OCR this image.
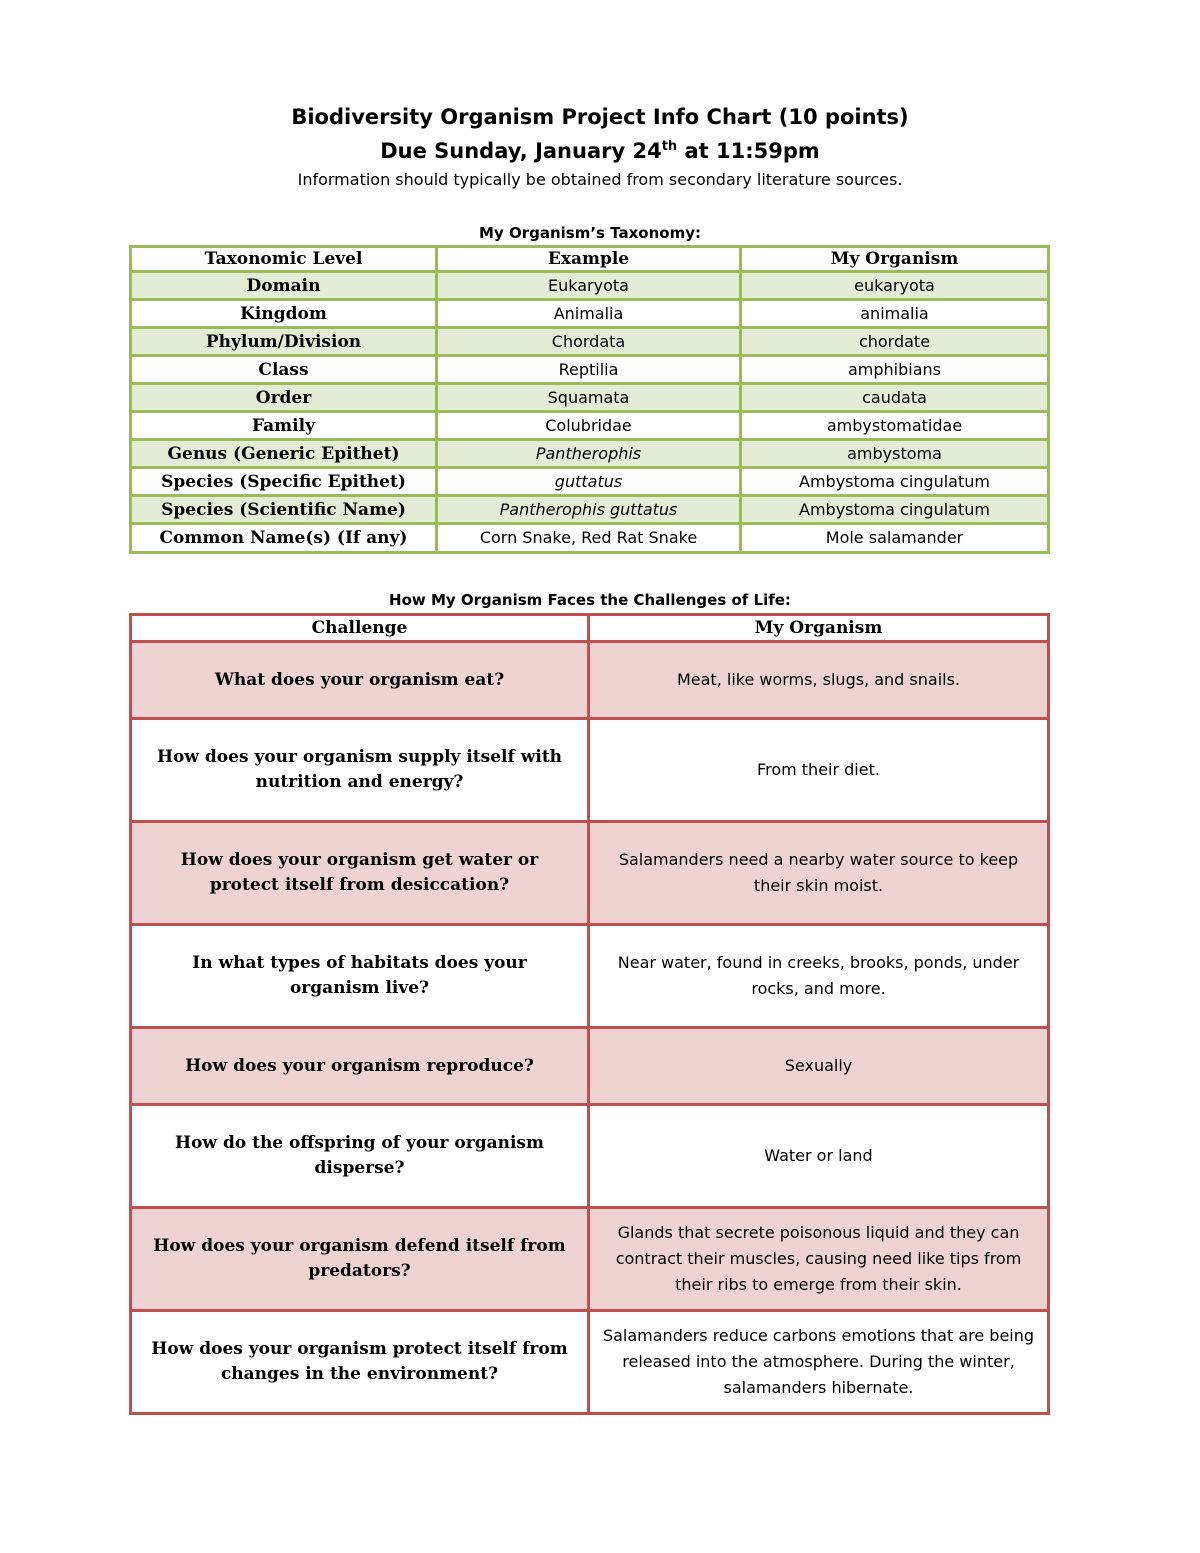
Biodiversity Organism Project Info Chart (10 points)
Due Sunday, January 24th at 11:59pm
Information should typically be obtained from secondary literature sources.
My Organism’s Taxonomy:
Taxonomic Level	Example	My Organism
Domain	Eukaryota	eukaryota
Kingdom	Animalia	animalia
Phylum/Division	Chordata	chordate
Class	Reptilia	amphibians
Order	Squamata	caudata
Family	Colubridae	ambystomatidae
Genus (Generic Epithet)	Pantherophis	ambystoma
Species (Specific Epithet)	guttatus	Ambystoma cingulatum
Species (Scientific Name)	Pantherophis guttatus	Ambystoma cingulatum
Common Name(s) (If any)	Corn Snake, Red Rat Snake	Mole salamander
How My Organism Faces the Challenges of Life:
Challenge	My Organism
What does your organism eat?	Meat, like worms, slugs, and snails.
How does your organism supply itself with nutrition and energy?	From their diet.
How does your organism get water or protect itself from desiccation?	Salamanders need a nearby water source to keep their skin moist.
In what types of habitats does your organism live?	Near water, found in creeks, brooks, ponds, under rocks, and more.
How does your organism reproduce?	Sexually
How do the offspring of your organism disperse?	Water or land
How does your organism defend itself from predators?	Glands that secrete poisonous liquid and they can contract their muscles, causing need like tips from their ribs to emerge from their skin.
How does your organism protect itself from changes in the environment?	Salamanders reduce carbons emotions that are being released into the atmosphere. During the winter, salamanders hibernate.
